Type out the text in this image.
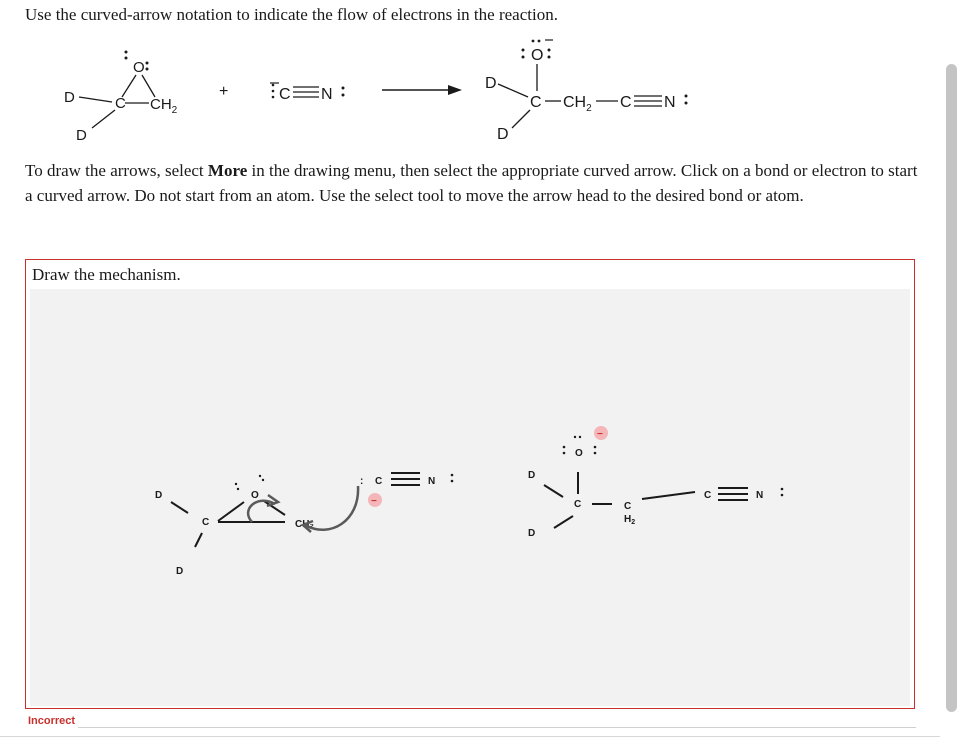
Use the curved-arrow notation to indicate the flow of electrons in the reaction.
O
D	C $CH_2$
D
+	C N
O
D
C $CH_2$ C N
D
To draw the arrows, select More in the drawing menu, then select the appropriate curved arrow. Click on a bond or electron to start a curved arrow. Do not start from an atom. Use the select tool to move the arrow head to the desired bond or atom.
Draw the mechanism.
D
C
D
O
CH₂
: C	N
D
C
D
O
C
$H_2$
C	N
−
−
Incorrect
